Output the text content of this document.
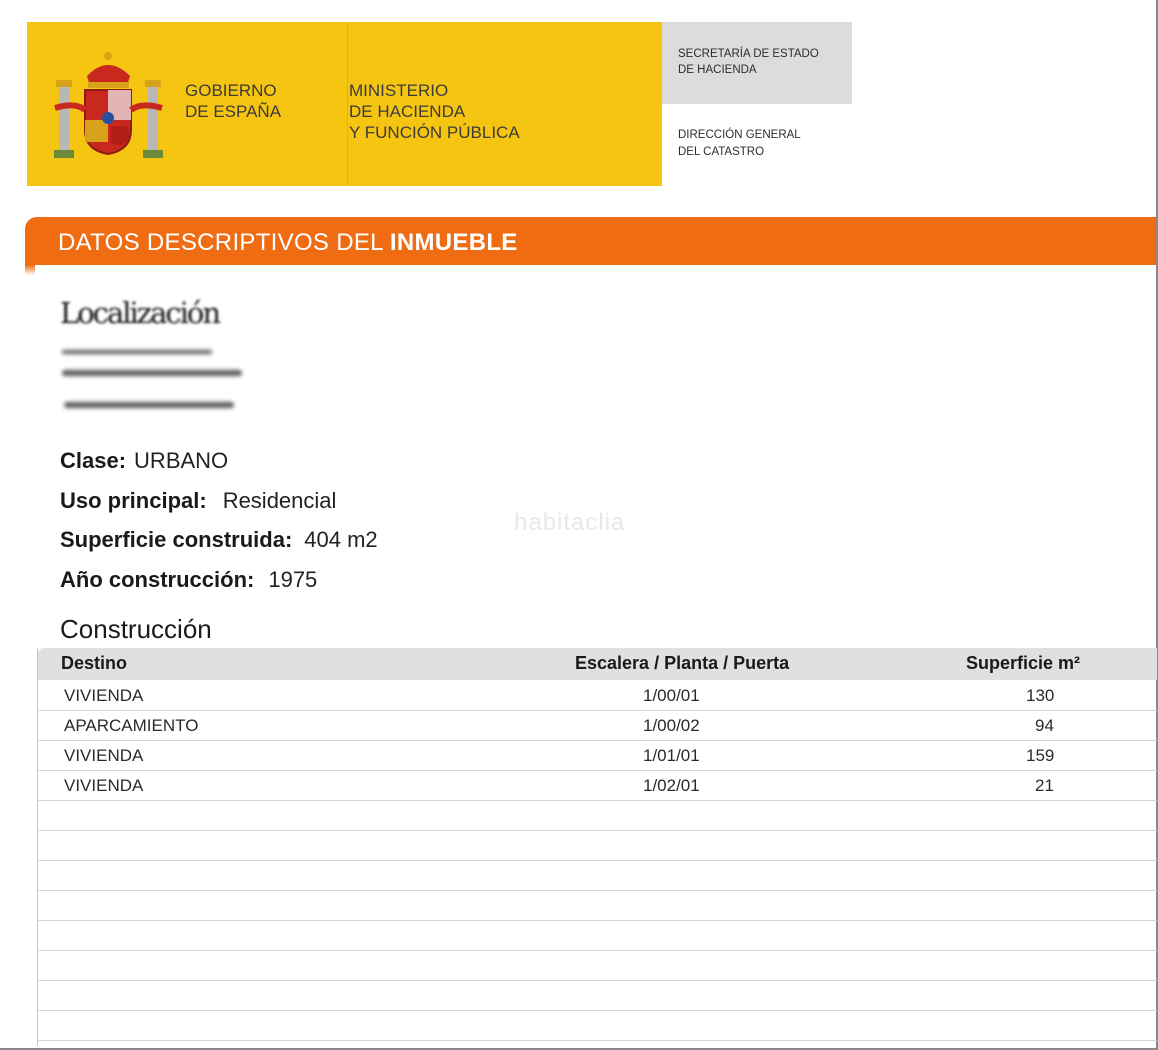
GOBIERNO
DE ESPAÑA
MINISTERIO
DE HACIENDA
Y FUNCIÓN PÚBLICA
SECRETARÍA DE ESTADO
DE HACIENDA
DIRECCIÓN GENERAL
DEL CATASTRO
DATOS DESCRIPTIVOS DEL INMUEBLE
Localización
Clase: URBANO
Uso principal: Residencial
Superficie construida: 404 m2
Año construcción: 1975
habitaclia
Construcción
Destino	Escalera / Planta / Puerta	Superficie m²
VIVIENDA	1/00/01	130
APARCAMIENTO	1/00/02	94
VIVIENDA	1/01/01	159
VIVIENDA	1/02/01	21
